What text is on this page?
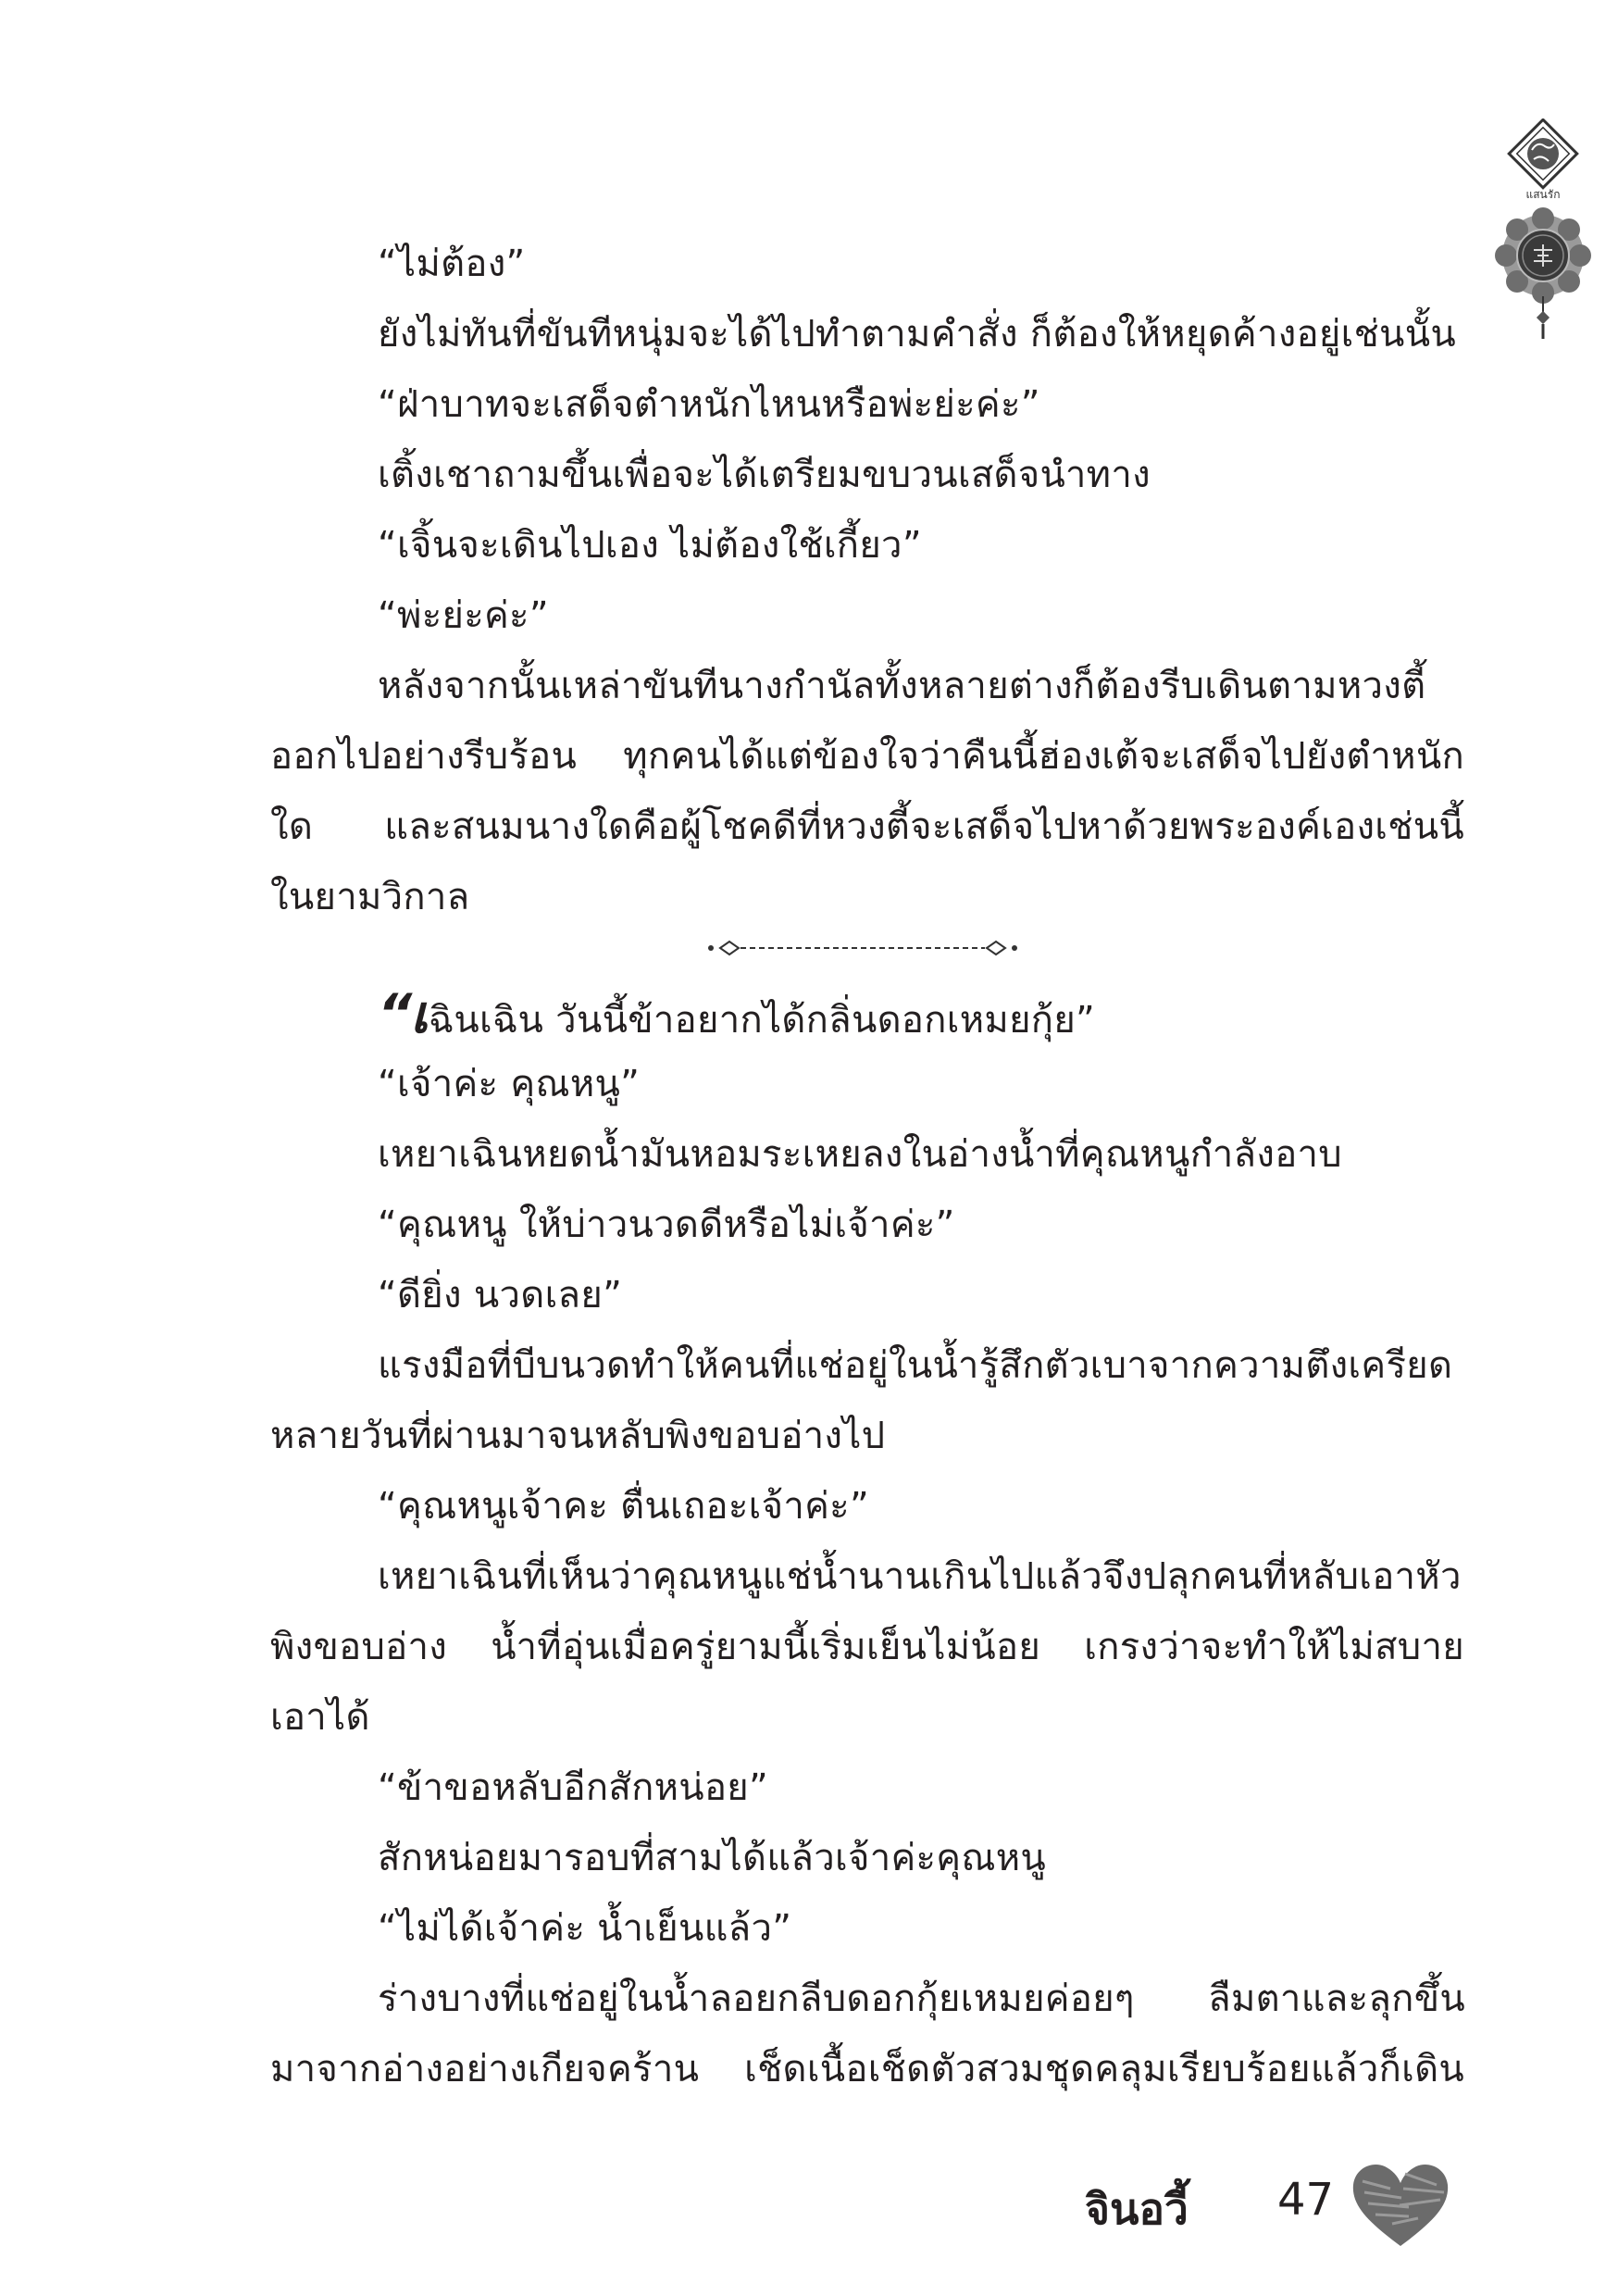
แสนรัก

“ไม่ต้อง”

ยังไม่ทันที่ขันทีหนุ่มจะได้ไปทำตามคำสั่ง ก็ต้องให้หยุดค้างอยู่เช่นนั้น

“ฝ่าบาทจะเสด็จตำหนักไหนหรือพ่ะย่ะค่ะ”

เติ้งเชาถามขึ้นเพื่อจะได้เตรียมขบวนเสด็จนำทาง

“เจิ้นจะเดินไปเอง ไม่ต้องใช้เกี้ยว”

“พ่ะย่ะค่ะ”

หลังจากนั้นเหล่าขันทีนางกำนัลทั้งหลายต่างก็ต้องรีบเดินตามหวงตี้

ออกไปอย่างรีบร้อน ทุกคนได้แต่ข้องใจว่าคืนนี้ฮ่องเต้จะเสด็จไปยังตำหนัก

ใด และสนมนางใดคือผู้โชคดีที่หวงตี้จะเสด็จไปหาด้วยพระองค์เองเช่นนี้

ในยามวิกาล

“เฉินเฉิน วันนี้ข้าอยากได้กลิ่นดอกเหมยกุ้ย”

“เจ้าค่ะ คุณหนู”

เหยาเฉินหยดน้ำมันหอมระเหยลงในอ่างน้ำที่คุณหนูกำลังอาบ

“คุณหนู ให้บ่าวนวดดีหรือไม่เจ้าค่ะ”

“ดียิ่ง นวดเลย”

แรงมือที่บีบนวดทำให้คนที่แช่อยู่ในน้ำรู้สึกตัวเบาจากความตึงเครียด

หลายวันที่ผ่านมาจนหลับพิงขอบอ่างไป

“คุณหนูเจ้าคะ ตื่นเถอะเจ้าค่ะ”

เหยาเฉินที่เห็นว่าคุณหนูแช่น้ำนานเกินไปแล้วจึงปลุกคนที่หลับเอาหัว

พิงขอบอ่าง น้ำที่อุ่นเมื่อครู่ยามนี้เริ่มเย็นไม่น้อย เกรงว่าจะทำให้ไม่สบาย

เอาได้

“ข้าขอหลับอีกสักหน่อย”

สักหน่อยมารอบที่สามได้แล้วเจ้าค่ะคุณหนู

“ไม่ได้เจ้าค่ะ น้ำเย็นแล้ว”

ร่างบางที่แช่อยู่ในน้ำลอยกลีบดอกกุ้ยเหมยค่อยๆ ลืมตาและลุกขึ้น

มาจากอ่างอย่างเกียจคร้าน เช็ดเนื้อเช็ดตัวสวมชุดคลุมเรียบร้อยแล้วก็เดิน

จินอวี้ 47
